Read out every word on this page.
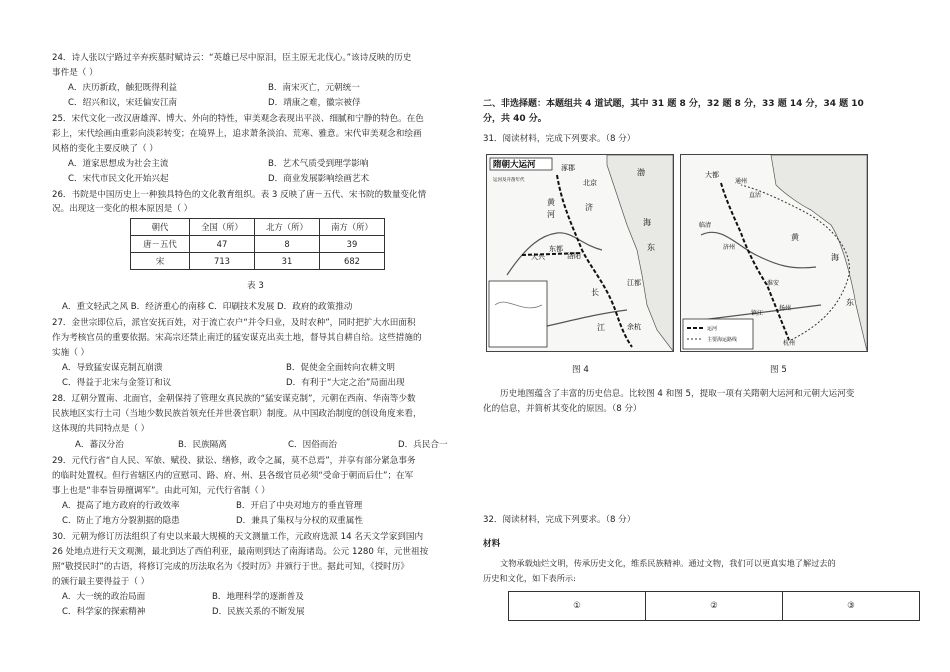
24．诗人张以宁路过辛弃疾墓时赋诗云：“英雄已尽中原泪，臣主原无北伐心。”该诗反映的历史
事件是（ ）
A．庆历新政，触犯既得利益	B．南宋灭亡，元朝统一
C．绍兴和议，宋廷偏安江南	D．靖康之难，徽宗被俘
25．宋代文化一改汉唐雄浑、博大、外向的特性，审美观念表现出平淡、细腻和宁静的特色。在色
彩上，宋代绘画由重彩向淡彩转变；在境界上，追求萧条淡泊、荒寒、雅意。宋代审美观念和绘画
风格的变化主要反映了（ ）
A．道家思想成为社会主流	B．艺术气质受到理学影响
C．宋代市民文化开始兴起	D．商业发展影响绘画艺术
26．书院是中国历史上一种独具特色的文化教育组织。表 3 反映了唐－五代、宋书院的数量变化情
况。出现这一变化的根本原因是（ ）
朝代	全国（所）	北方（所）	南方（所）
唐－五代	47	8	39
宋	713	31	682
表 3
A．重文轻武之风 B．经济重心的南移 C．印刷技术发展 D．政府的政策推动
27．金世宗即位后，派官安抚百姓，对于流亡农户“并令归业，及时农种”，同时把扩大水田面积
作为考核官员的重要依据。宋高宗还禁止南迁的猛安谋克出卖土地，督导其自耕自给。这些措施的
实施（ ）
A．导致猛安谋克制瓦崩溃	B．促使金全面转向农耕文明
C．得益于北宋与金签订和议	D．有利于“大定之治”局面出现
28．辽朝分置南、北面官，金朝保持了管理女真民族的“猛安谋克制”，元朝在西南、华南等少数
民族地区实行土司（当地少数民族首领充任并世袭官职）制度。从中国政治制度的创设角度来看，
这体现的共同特点是（ ）
A．蕃汉分治	B．民族隔离	C．因俗而治	D．兵民合一
29．元代行省“自人民、军旅、赋役、狱讼、缮修，政令之属，莫不总焉”，并享有部分紧急事务
的临时处置权。但行省辖区内的宣慰司、路、府、州、县各级官员必须“受命于朝而后仕”；在军
事上也是“非奉旨毋擅调军”。由此可知，元代行省制（ ）
A．提高了地方政府的行政效率	B．开启了中央对地方的垂直管理
C．防止了地方分裂割据的隐患	D．兼具了集权与分权的双重属性
30．元朝为修订历法组织了有史以来最大规模的天文测量工作，元政府选派 14 名天文学家到国内
26 处地点进行天文观测，最北到达了西伯利亚，最南则到达了南海诸岛。公元 1280 年，元世祖按
照“敬授民时”的古语，将修订完成的历法取名为《授时历》并颁行于世。据此可知，《授时历》
的颁行最主要得益于（ ）
A．大一统的政治局面	B．地理科学的逐渐普及
C．科学家的探索精神	D．民族关系的不断发展
二、非选择题：本题组共 4 道试题，其中 31 题 8 分，32 题 8 分，33 题 14 分，34 题 10
分，共 40 分。
31．阅读材料，完成下列要求。（8 分）
隋朝大运河
运河及开凿年代
涿郡
北京
洛阳
东都
江都
余杭
大兴
黄
河
济
长
江
渤
海
东
运河
主要海运路线
大都
通州
直沽
临清
济州
淮安
扬州
镇江
杭州
黄
海
东
图 4	图 5
历史地图蕴含了丰富的历史信息。比较图 4 和图 5，提取一项有关隋朝大运河和元朝大运河变
化的信息，并简析其变化的原因。（8 分）
32．阅读材料，完成下列要求。（8 分）
材料
文物承载灿烂文明，传承历史文化，维系民族精神。通过文物，我们可以更真实地了解过去的
历史和文化，如下表所示:
①	②	③
